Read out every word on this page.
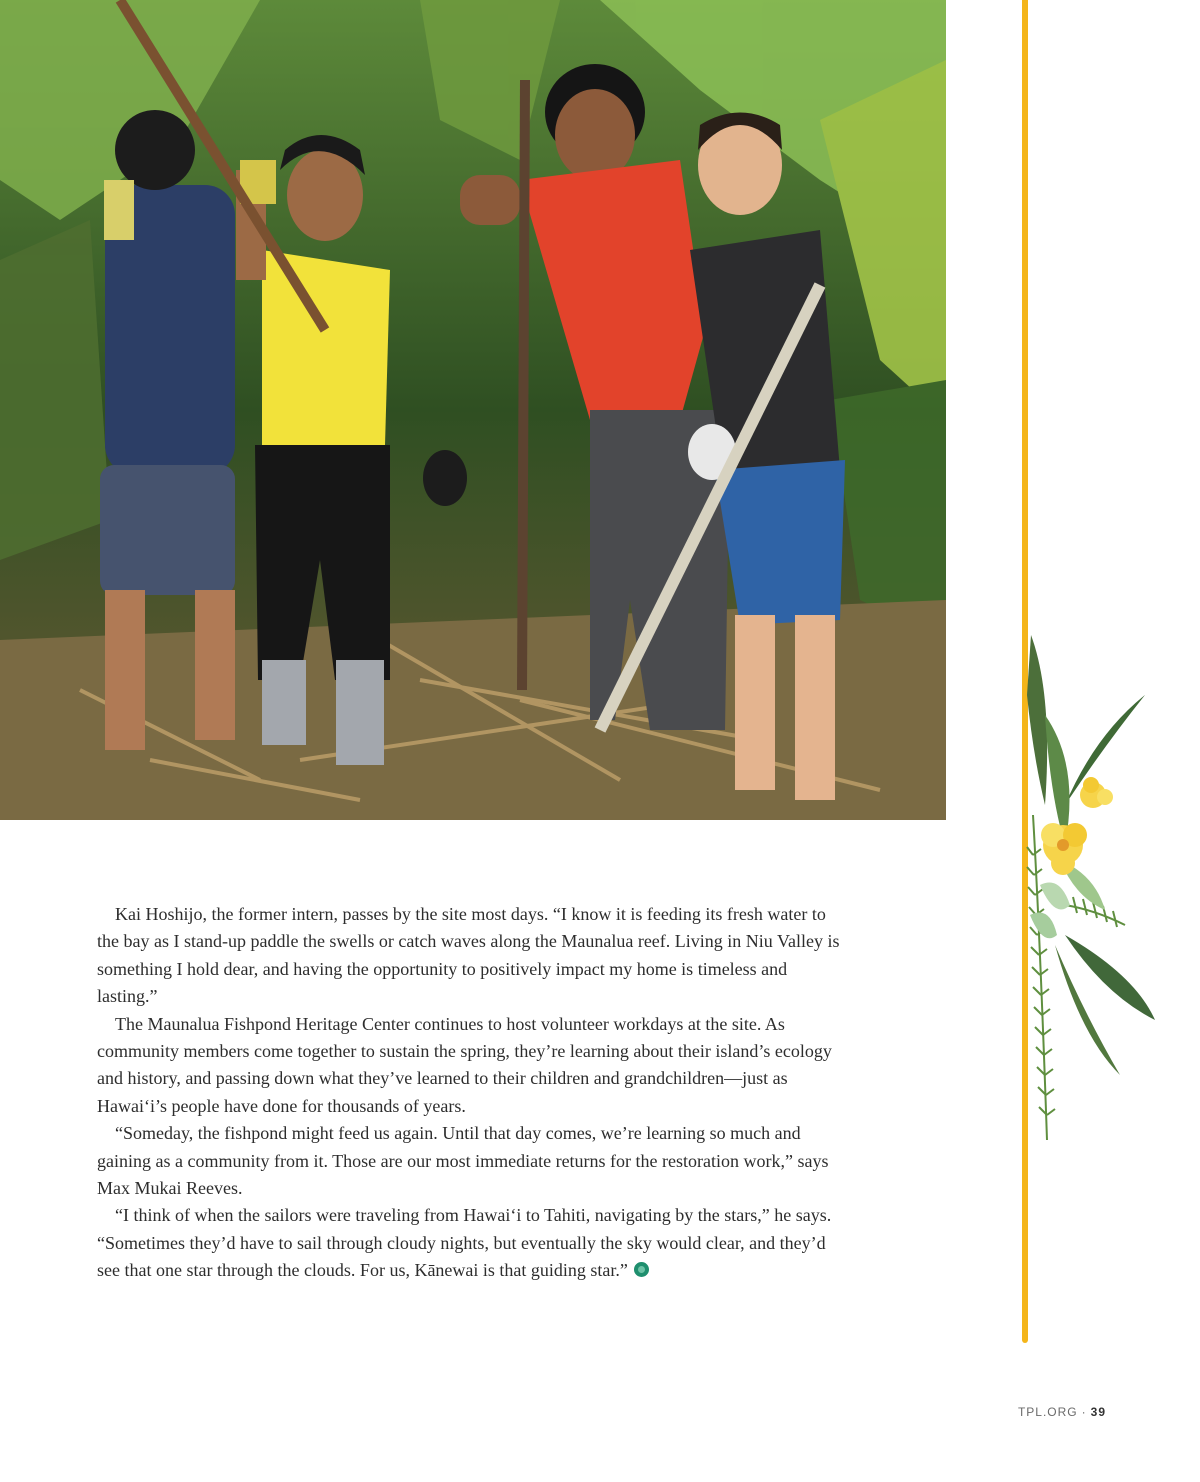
Kai Hoshijo, the former intern, passes by the site most days. “I know it is feeding its fresh water to the bay as I stand-up paddle the swells or catch waves along the Maunalua reef. Living in Niu Valley is something I hold dear, and having the opportunity to positively impact my home is timeless and lasting.”

The Maunalua Fishpond Heritage Center continues to host volunteer workdays at the site. As community members come together to sustain the spring, they’re learning about their island’s ecology and history, and passing down what they’ve learned to their children and grandchildren—just as Hawai‘i’s people have done for thousands of years.

“Someday, the fishpond might feed us again. Until that day comes, we’re learning so much and gaining as a community from it. Those are our most immediate returns for the restoration work,” says Max Mukai Reeves.

“I think of when the sailors were traveling from Hawai‘i to Tahiti, navigating by the stars,” he says. “Sometimes they’d have to sail through cloudy nights, but eventually the sky would clear, and they’d see that one star through the clouds. For us, Kānewai is that guiding star.”

TPL.ORG · 39
